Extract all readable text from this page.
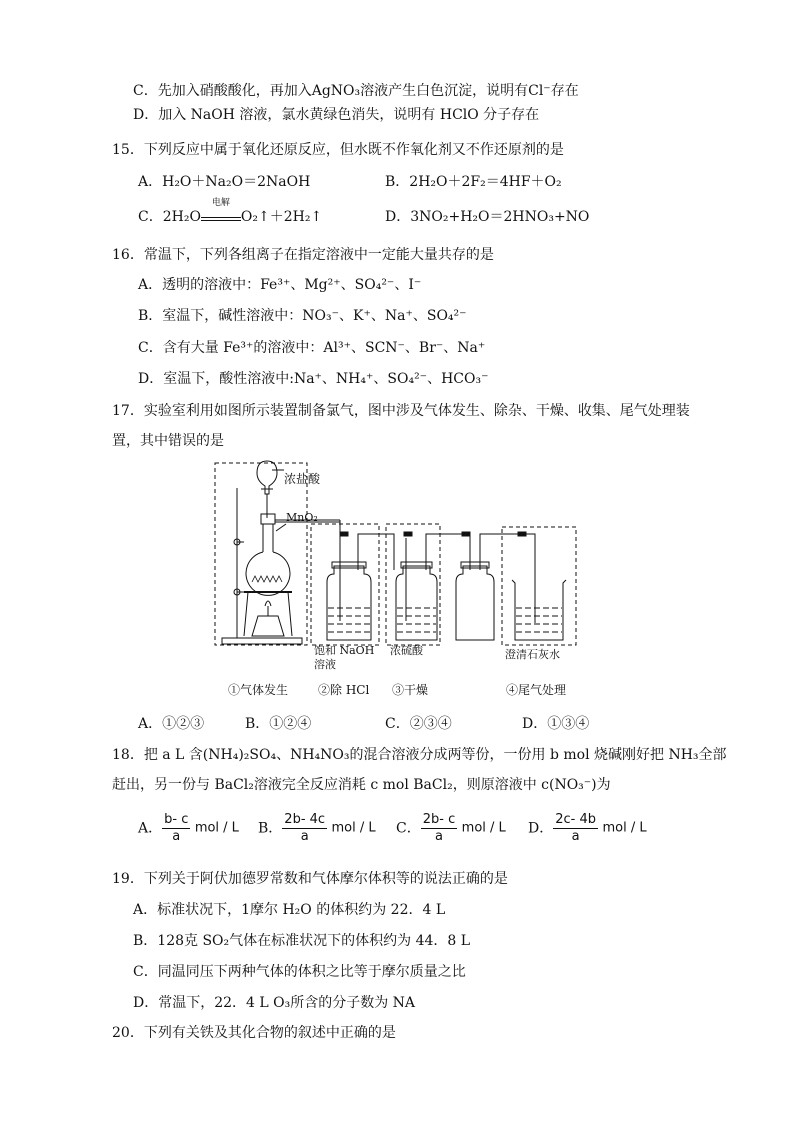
C．先加入硝酸酸化，再加入AgNO₃溶液产生白色沉淀，说明有Cl⁻存在
D．加入 NaOH 溶液，氯水黄绿色消失，说明有 HClO 分子存在
15．下列反应中属于氧化还原反应，但水既不作氧化剂又不作还原剂的是
A．H₂O＋Na₂O＝2NaOH	B．2H₂O＋2F₂＝4HF＋O₂
C．2H₂O
电解
O₂↑＋2H₂↑	D．3NO₂+H₂O＝2HNO₃+NO
16．常温下，下列各组离子在指定溶液中一定能大量共存的是
A．透明的溶液中：Fe³⁺、Mg²⁺、SO₄²⁻、I⁻
B．室温下，碱性溶液中：NO₃⁻、K⁺、Na⁺、SO₄²⁻
C．含有大量 Fe³⁺的溶液中：Al³⁺、SCN⁻、Br⁻、Na⁺
D．室温下，酸性溶液中:Na⁺、NH₄⁺、SO₄²⁻、HCO₃⁻
17．实验室利用如图所示装置制备氯气，图中涉及气体发生、除杂、干燥、收集、尾气处理装
置，其中错误的是
浓盐酸
MnO₂
饱和 NaOH
溶液
浓硫酸	澄清石灰水
①气体发生 ②除 HCl ③干燥	④尾气处理
A．①②③	B．①②④	C．②③④	D．①③④
18．把 a L 含(NH₄)₂SO₄、NH₄NO₃的混合溶液分成两等份，一份用 b mol 烧碱刚好把 NH₃全部
赶出，另一份与 BaCl₂溶液完全反应消耗 c mol BaCl₂，则原溶液中 c(NO₃⁻)为
A． $\frac{b- c}{a}$ mol / L B． $\frac{2b- 4c}{a}$ mol / L C． $\frac{2b- c}{a}$ mol / L D． $\frac{2c- 4b}{a}$ mol / L
19．下列关于阿伏加德罗常数和气体摩尔体积等的说法正确的是
A．标准状况下，1摩尔 H₂O 的体积约为 22．4 L
B．128克 SO₂气体在标准状况下的体积约为 44．8 L
C．同温同压下两种气体的体积之比等于摩尔质量之比
D．常温下，22．4 L O₃所含的分子数为 NA
20．下列有关铁及其化合物的叙述中正确的是
